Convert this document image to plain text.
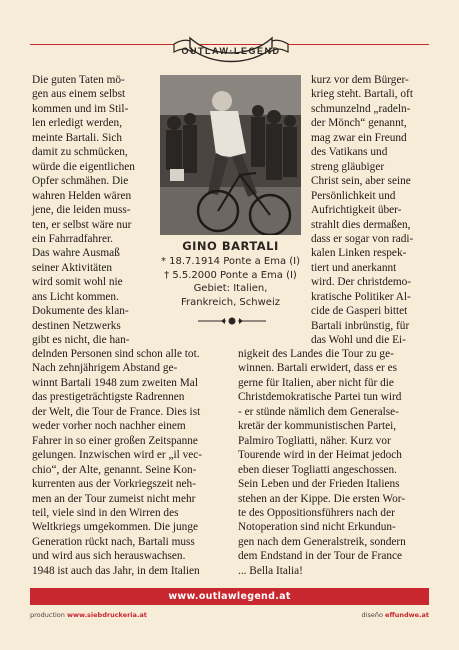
OUTLAW·LEGEND
Die guten Taten mö-
gen aus einem selbst
kommen und im Stil-
len erledigt werden,
meinte Bartali. Sich
damit zu schmücken,
würde die eigentlichen
Opfer schmähen. Die
wahren Helden wären
jene, die leiden muss-
ten, er selbst wäre nur
ein Fahrradfahrer.
Das wahre Ausmaß
seiner Aktivitäten
wird somit wohl nie
ans Licht kommen.
Dokumente des klan-
destinen Netzwerks
gibt es nicht, die han-
kurz vor dem Bürger-
krieg steht. Bartali, oft
schmunzelnd „radeln-
der Mönch“ genannt,
mag zwar ein Freund
des Vatikans und
streng gläubiger
Christ sein, aber seine
Persönlichkeit und
Aufrichtigkeit über-
strahlt dies dermaßen,
dass er sogar von radi-
kalen Linken respek-
tiert und anerkannt
wird. Der christdemo-
kratische Politiker Al-
cide de Gasperi bittet
Bartali inbrünstig, für
das Wohl und die Ei-
delnden Personen sind schon alle tot.
Nach zehnjährigem Abstand ge-
winnt Bartali 1948 zum zweiten Mal
das prestigeträchtigste Radrennen
der Welt, die Tour de France. Dies ist
weder vorher noch nachher einem
Fahrer in so einer großen Zeitspanne
gelungen. Inzwischen wird er „il vec-
chio“, der Alte, genannt. Seine Kon-
kurrenten aus der Vorkriegszeit neh-
men an der Tour zumeist nicht mehr
teil, viele sind in den Wirren des
Weltkriegs umgekommen. Die junge
Generation rückt nach, Bartali muss
und wird aus sich herauswachsen.
1948 ist auch das Jahr, in dem Italien
nigkeit des Landes die Tour zu ge-
winnen. Bartali erwidert, dass er es
gerne für Italien, aber nicht für die
Christdemokratische Partei tun wird
- er stünde nämlich dem Generalse-
kretär der kommunistischen Partei,
Palmiro Togliatti, näher. Kurz vor
Tourende wird in der Heimat jedoch
eben dieser Togliatti angeschossen.
Sein Leben und der Frieden Italiens
stehen an der Kippe. Die ersten Wor-
te des Oppositionsführers nach der
Notoperation sind nicht Erkundun-
gen nach dem Generalstreik, sondern
dem Endstand in der Tour de France
... Bella Italia!
GINO BARTALI
* 18.7.1914 Ponte a Ema (I)
† 5.5.2000 Ponte a Ema (I)
Gebiet: Italien,
Frankreich, Schweiz
www.outlawlegend.at
production www.siebdruckeria.at	diseño effundwe.at
